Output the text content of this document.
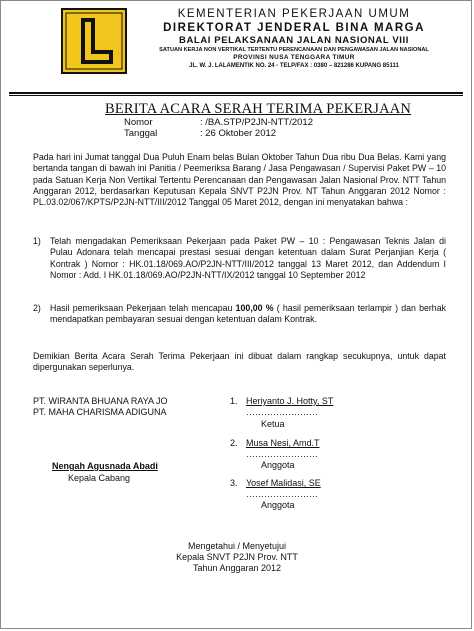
KEMENTERIAN PEKERJAAN UMUM
DIREKTORAT JENDERAL BINA MARGA
BALAI PELAKSANAAN JALAN NASIONAL VIII
SATUAN KERJA NON VERTIKAL TERTENTU PERENCANAAN DAN PENGAWASAN JALAN NASIONAL
PROVINSI NUSA TENGGARA TIMUR
JL. W. J. LALAMENTIK NO. 24 - TELP/FAX : 0380 – 821286 KUPANG 85111
BERITA ACARA SERAH TERIMA PEKERJAAN
Nomor	: /BA.STP/P2JN-NTT/2012
Tanggal	: 26 Oktober 2012
Pada hari ini Jumat tanggal Dua Puluh Enam belas Bulan Oktober Tahun Dua ribu Dua Belas. Kami yang bertanda tangan di bawah ini Panitia / Peemeriksa Barang / Jasa Pengawasan / Supervisi Paket PW – 10 pada Satuan Kerja Non Vertikal Tertentu Perencanaan dan Pengawasan Jalan Nasional Prov. NTT Tahun Anggaran 2012, berdasarkan Keputusan Kepala SNVT P2JN Prov. NT Tahun Anggaran 2012 Nomor : PL.03.02/067/KPTS/P2JN-NTT/III/2012 Tanggal 05 Maret 2012, dengan ini menyatakan bahwa :
1) Telah mengadakan Pemeriksaan Pekerjaan pada Paket PW – 10 : Pengawasan Teknis Jalan di Pulau Adonara telah mencapai prestasi sesuai dengan ketentuan dalam Surat Perjanjian Kerja ( Kontrak ) Nomor : HK.01.18/069.AO/P2JN-NTT/III/2012 tanggal 13 Maret 2012, dan Addendum I Nomor : Add. I HK.01.18/069.AO/P2JN-NTT/IX/2012 tanggal 10 September 2012
2) Hasil pemeriksaan Pekerjaan telah mencapau 100,00 % ( hasil pemeriksaan terlampir ) dan berhak mendapatkan pembayaran sesuai dengan ketentuan dalam Kontrak.
Demikian Berita Acara Serah Terima Pekerjaan ini dibuat dalam rangkap secukupnya, untuk dapat dipergunakan seperlunya.
PT. WIRANTA BHUANA RAYA JO
PT. MAHA CHARISMA ADIGUNA
Nengah Agusnada Abadi
Kepala Cabang
1. Heriyanto J. Hotty, ST
……………………
Ketua
2. Musa Nesi, Amd.T
……………………
Anggota
3. Yosef Malidasi, SE
……………………
Anggota
Mengetahui / Menyetujui
Kepala SNVT P2JN Prov. NTT
Tahun Anggaran 2012
